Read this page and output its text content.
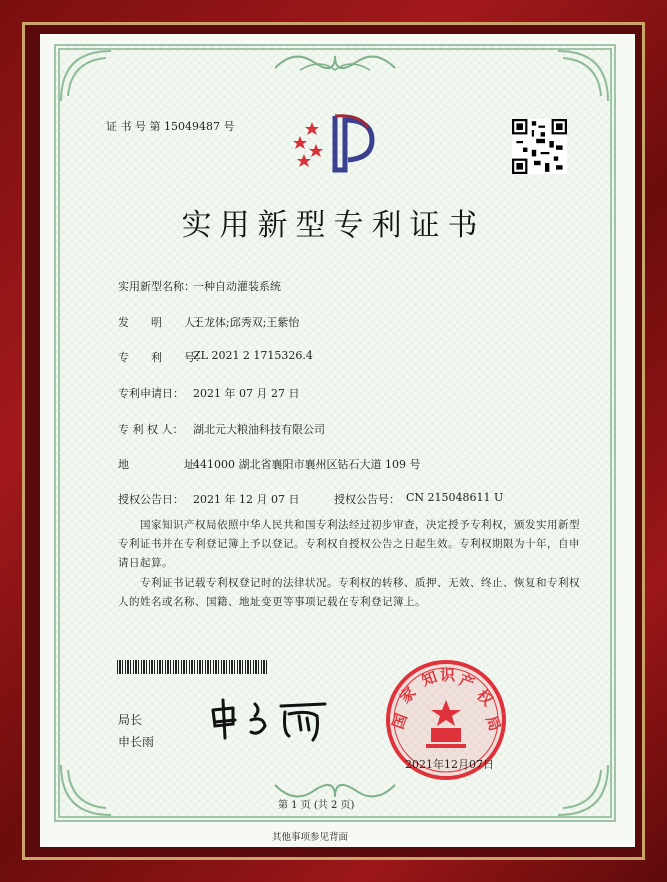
证 书 号 第 15049487 号
实用新型专利证书
实用新型名称：
一种自动灌装系统
发　　明　　人：
王龙体;邱秀双;王紫怡
专　　利　　号：
ZL 2021 2 1715326.4
专利申请日： 2021 年 07 月 27 日
专 利 权 人： 湖北元大粮油科技有限公司
地　　　　　址：
441000 湖北省襄阳市襄州区钻石大道 109 号
授权公告日： 2021 年 12 月 07 日	授权公告号： CN 215048611 U
国家知识产权局依照中华人民共和国专利法经过初步审查，决定授予专利权，颁发实用新型专利证书并在专利登记簿上予以登记。专利权自授权公告之日起生效。专利权期限为十年，自申请日起算。
专利证书记载专利权登记时的法律状况。专利权的转移、质押、无效、终止、恢复和专利权人的姓名或名称、国籍、地址变更等事项记载在专利登记簿上。
局长
申长雨
国
家
知 识 产
权
局
2021年12月07日
第 1 页 (共 2 页)
其他事项参见背面
